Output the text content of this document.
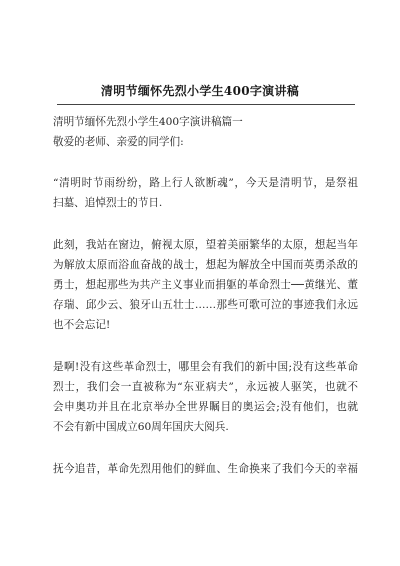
清明节缅怀先烈小学生400字演讲稿
清明节缅怀先烈小学生400字演讲稿篇一
敬爱的老师、亲爱的同学们:
“清明时节雨纷纷，路上行人欲断魂”，今天是清明节，是祭祖
扫墓、追悼烈士的节日.
此刻，我站在窗边，俯视太原，望着美丽繁华的太原，想起当年
为解放太原而浴血奋战的战士，想起为解放全中国而英勇杀敌的
勇士，想起那些为共产主义事业而捐躯的革命烈士──黄继光、董
存瑞、邱少云、狼牙山五壮士……那些可歌可泣的事迹我们永远
也不会忘记!
是啊!没有这些革命烈士，哪里会有我们的新中国;没有这些革命
烈士，我们会一直被称为“东亚病夫”，永远被人驱笑，也就不
会申奥功并且在北京举办全世界瞩目的奥运会;没有他们，也就
不会有新中国成立60周年国庆大阅兵.
抚今追昔，革命先烈用他们的鲜血、生命换来了我们今天的幸福
